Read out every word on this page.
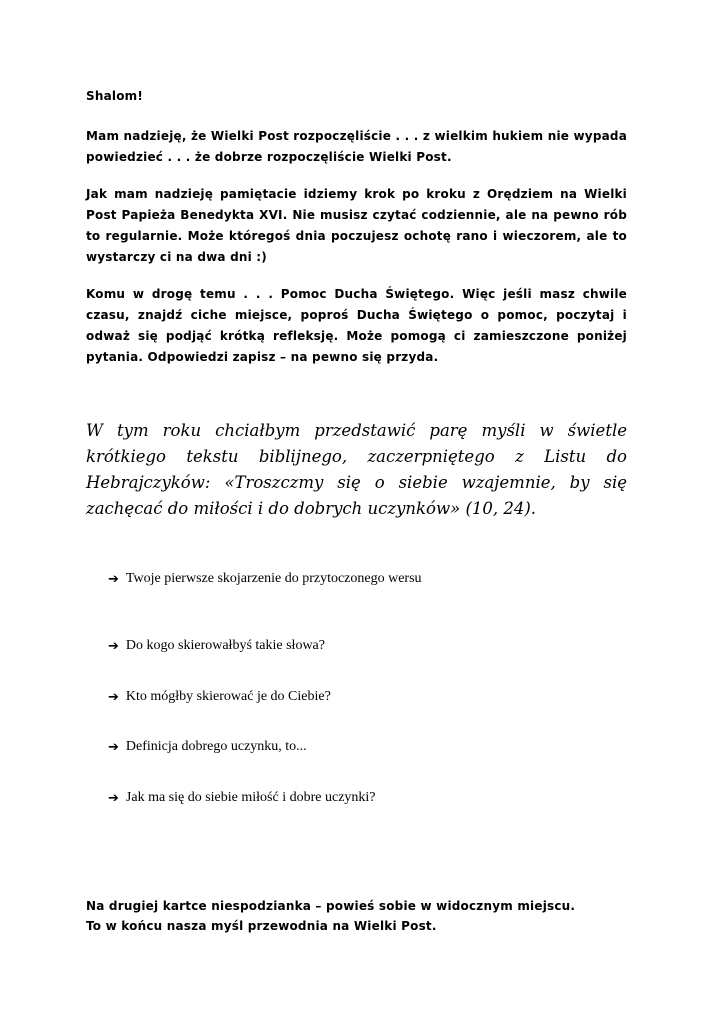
Shalom!
Mam nadzieję, że Wielki Post rozpoczęliście . . . z wielkim hukiem nie wypada powiedzieć . . . że dobrze rozpoczęliście Wielki Post.
Jak mam nadzieję pamiętacie idziemy krok po kroku z Orędziem na Wielki Post Papieża Benedykta XVI. Nie musisz czytać codziennie, ale na pewno rób to regularnie. Może któregoś dnia poczujesz ochotę rano i wieczorem, ale to wystarczy ci na dwa dni :)
Komu w drogę temu . . . Pomoc Ducha Świętego. Więc jeśli masz chwile czasu, znajdź ciche miejsce, poproś Ducha Świętego o pomoc, poczytaj i odważ się podjąć krótką refleksję. Może pomogą ci zamieszczone poniżej pytania. Odpowiedzi zapisz – na pewno się przyda.
W tym roku chciałbym przedstawić parę myśli w świetle krótkiego tekstu biblijnego, zaczerpniętego z Listu do Hebrajczyków: «Troszczmy się o siebie wzajemnie, by się zachęcać do miłości i do dobrych uczynków» (10, 24).
➔ Twoje pierwsze skojarzenie do przytoczonego wersu
➔ Do kogo skierowałbyś takie słowa?
➔ Kto mógłby skierować je do Ciebie?
➔ Definicja dobrego uczynku, to...
➔ Jak ma się do siebie miłość i dobre uczynki?
Na drugiej kartce niespodzianka – powieś sobie w widocznym miejscu.
To w końcu nasza myśl przewodnia na Wielki Post.
